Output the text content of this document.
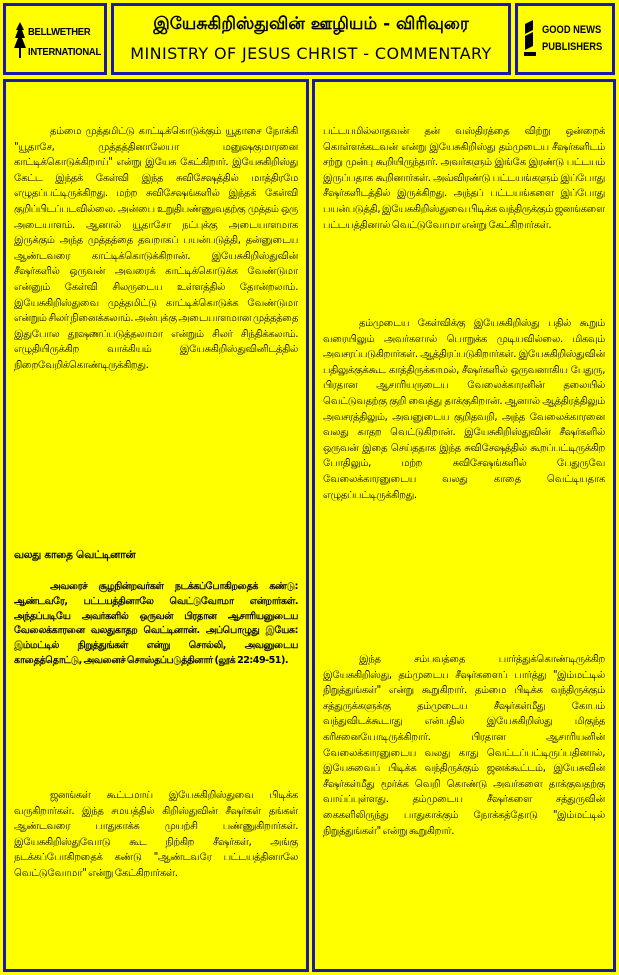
BELLWETHER
INTERNATIONAL
இயேசுகிறிஸ்துவின் ஊழியம் - விரிவுரை
MINISTRY OF JESUS CHRIST - COMMENTARY
GOOD NEWS
PUBLISHERS

தம்மை முத்தமிட்டு காட்டிக்கொடுக்கும் யூதாசை நோக்கி "யூதாசே, முத்தத்தினாலேயா மனுஷகுமாரனை காட்டிக்கொடுக்கிறாய்" என்று இயேசு கேட்கிறார். இயேசுகிறிஸ்து கேட்ட இந்தக் கேள்வி இந்த சுவிசேஷத்தில் மாத்திரமே எழுதப்பட்டிருக்கிறது. மற்ற சுவிசேஷங்களில் இந்தக் கேள்வி குறிப்பிடப்படவில்லை. அன்பை உறுதிபண்ணுவதற்கு முத்தம் ஒரு அடையாளம். ஆனால் யூதாசோ நட்புக்கு அடையாளமாக இருக்கும் அந்த முத்தத்தை தவறாகப் பயன்படுத்தி, தன்னுடைய ஆண்டவரை காட்டிக்கொடுக்கிறான். இயேசுகிறிஸ்துவின் சீஷர்களில் ஒருவன் அவரைக் காட்டிக்கொடுக்க வேண்டுமா என்னும் கேள்வி சிலருடைய உள்ளத்தில் தோன்றலாம். இயேசுகிறிஸ்துவை முத்தமிட்டு காட்டிக்கொடுக்க வேண்டுமா என்றும் சிலர் நினைக்கலாம். அன்புக்கு அடையாளமான முத்தத்தை இதுபோல தூஷணப்படுத்தலாமா என்றும் சிலர் சிந்திக்கலாம். எழுதியிருக்கிற வாக்கியம் இயேசுகிறிஸ்துவினிடத்தில் நிறைவேறிக்கொண்டிருக்கிறது.

வலது காதை வெட்டினான்

அவரைச் சூழநின்றவர்கள் நடக்கப்போகிறதைக் கண்டு: ஆண்டவரே, பட்டயத்தினாலே வெட்டுவோமா என்றார்கள். அந்தப்படியே அவர்களில் ஒருவன் பிரதான ஆசாரியனுடைய வேலைக்காரனை வலதுகாதற வெட்டினான். அப்பொழுது இயேசு: இம்மட்டில் நிறுத்துங்கள் என்று சொல்லி, அவனுடைய காதைத்தொட்டு, அவனைச் சொஸ்தப்படுத்தினார் (லூக் 22:49-51).

ஜனங்கள் கூட்டமாய் இயேசுகிறிஸ்துவை பிடிக்க வருகிறார்கள். இந்த சமயத்தில் கிறிஸ்துவின் சீஷர்கள் தங்கள் ஆண்டவரை பாதுகாக்க முயற்சி பண்ணுகிறார்கள். இயேசுகிறிஸ்துவோடு கூட நிற்கிற சீஷர்கள், அங்கு நடக்கப்போகிறதைக் கண்டு "ஆண்டவரே பட்டயத்தினாலே வெட்டுவோமா" என்று கேட்கிறார்கள்.

பட்டயமில்லாதவன் தன் வஸ்திரத்தை விற்று ஒன்றைக் கொள்ளக்கடவன் என்று இயேசுகிறிஸ்து தம்முடைய சீஷர்களிடம் சற்று முன்பு கூறியிருந்தார். அவர்களும் இங்கே இரண்டு பட்டயம் இருப்பதாக கூறினார்கள். அவ்விரண்டு பட்டயங்களும் இப்போது சீஷர்களிடத்தில் இருக்கிறது. அந்தப் பட்டயங்களை இப்போது பயன்படுத்தி, இயேசுகிறிஸ்துவை பிடிக்க வந்திருக்கும் ஜனங்களை பட்டயத்தினால் வெட்டுவோமா என்று கேட்கிறார்கள்.

தம்முடைய கேள்விக்கு இயேசுகிறிஸ்து பதில் கூறும் வரையிலும் அவர்களால் பொறுக்க முடியவில்லை. மிகவும் அவசரப்படுகிறார்கள். ஆத்திரப்படுகிறார்கள். இயேசுகிறிஸ்துவின் பதிலுக்குக்கூட காத்திருக்காமல், சீஷர்களில் ஒருவனாகிய பேதுரு, பிரதான ஆசாரியருடைய வேலைக்காரனின் தலையில் வெட்டுவதற்கு குறி வைத்து தாக்குகிறான். ஆனால் ஆத்திரத்திலும் அவசரத்திலும், அவனுடைய குறிதவறி, அந்த வேலைக்காரனை வலது காதற வெட்டுகிறான். இயேசுகிறிஸ்துவின் சீஷர்களில் ஒருவன் இதை செய்ததாக இந்த சுவிசேஷத்தில் கூறப்பட்டிருக்கிற போதிலும், மற்ற சுவிசேஷங்களில் பேதுருவே வேலைக்காரனுடைய வலது காதை வெட்டியதாக எழுதப்பட்டிருக்கிறது.

இந்த சம்பவத்தை பார்த்துக்கொண்டிருக்கிற இயேசுகிறிஸ்து, தம்முடைய சீஷர்களைப் பார்த்து "இம்மட்டில் நிறுத்துங்கள்" என்று கூறுகிறார். தம்மை பிடிக்க வந்திருக்கும் சத்துருக்களுக்கு தம்முடைய சீஷர்கள்மீது கோபம் வந்துவிடக்கூடாது என்பதில் இயேசுகிறிஸ்து மிகுந்த கரிசனையோடிருக்கிறார். பிரதான ஆசாரியனின் வேலைக்காரனுடைய வலது காது வெட்டப்பட்டிருப்பதினால், இயேசுவைப் பிடிக்க வந்திருக்கும் ஜனக்கூட்டம், இயேசுவின் சீஷர்கள்மீது மூர்க்க வெறி கொண்டு அவர்களை தாக்குவதற்கு வாய்ப்புள்ளது. தம்முடைய சீஷர்களை சத்துருவின் கைகளிலிருந்து பாதுகாக்கும் நோக்கத்தோடு "இம்மட்டில் நிறுத்துங்கள்" என்று கூறுகிறார்.
